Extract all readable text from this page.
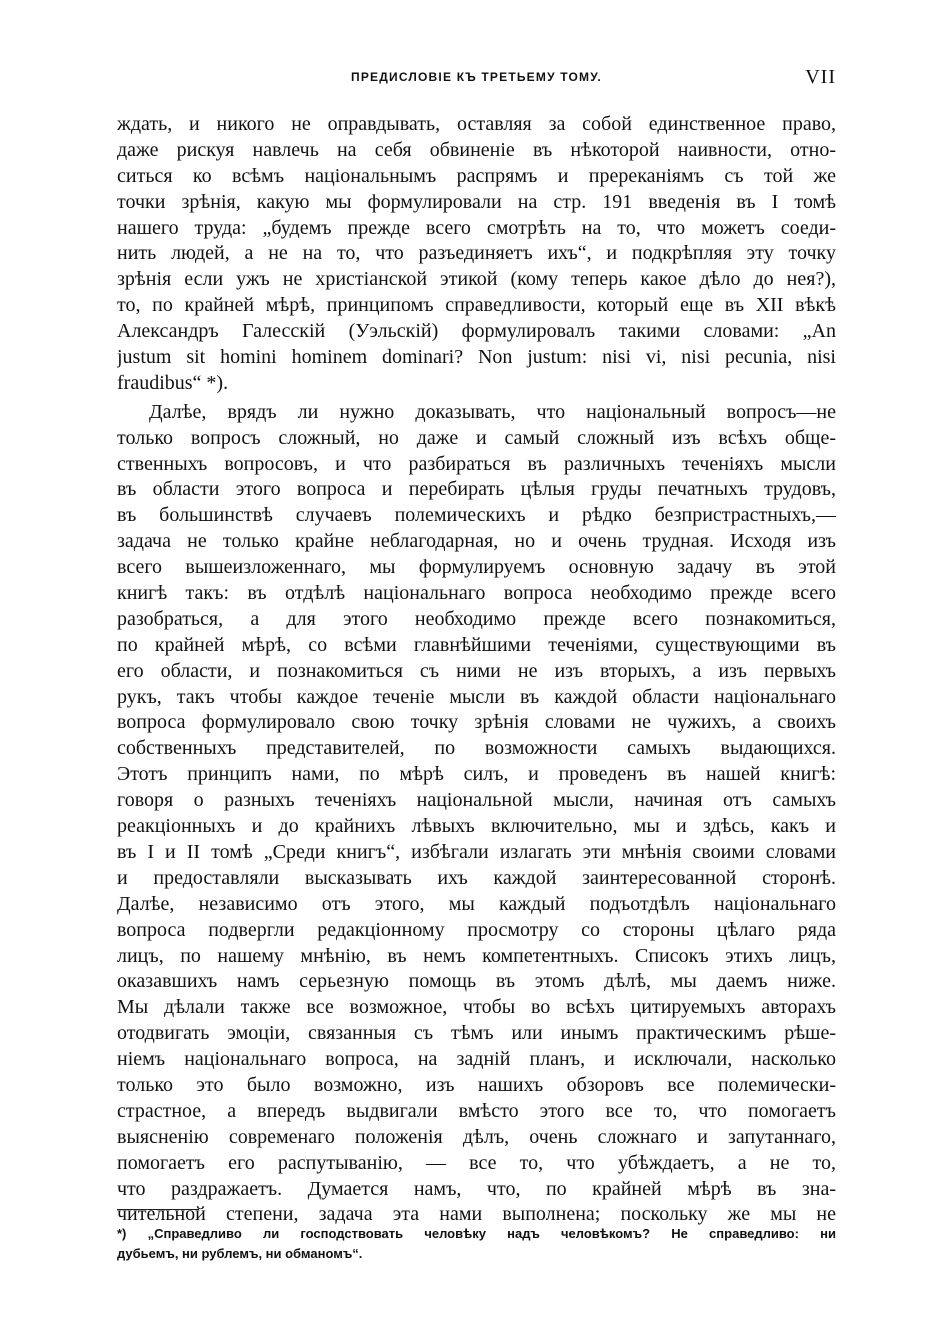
ПРЕДИСЛОВIЕ КЪ ТРЕТЬЕМУ ТОМУ.	VII
ждать, и никого не оправдывать, оставляя за собой единственное право,
даже рискуя навлечь на себя обвиненіе въ нѣкоторой наивности, отно-
ситься ко всѣмъ національнымъ распрямъ и пререканіямъ съ той же
точки зрѣнія, какую мы формулировали на стр. 191 введенія въ I томѣ
нашего труда: „будемъ прежде всего смотрѣть на то, что можетъ соеди-
нить людей, а не на то, что разъединяетъ ихъ“, и подкрѣпляя эту точку
зрѣнія если ужъ не христіанской этикой (кому теперь какое дѣло до нея?),
то, по крайней мѣрѣ, принципомъ справедливости, который еще въ XII вѣкѣ
Александръ Галесскій (Уэльскій) формулировалъ такими словами: „An
justum sit homini hominem dominari? Non justum: nisi vi, nisi pecunia, nisi
fraudibus“ *).
Далѣе, врядъ ли нужно доказывать, что національный вопросъ—не
только вопросъ сложный, но даже и самый сложный изъ всѣхъ обще-
ственныхъ вопросовъ, и что разбираться въ различныхъ теченіяхъ мысли
въ области этого вопроса и перебирать цѣлыя груды печатныхъ трудовъ,
въ большинствѣ случаевъ полемическихъ и рѣдко безпристрастныхъ,—
задача не только крайне неблагодарная, но и очень трудная. Исходя изъ
всего вышеизложеннаго, мы формулируемъ основную задачу въ этой
книгѣ такъ: въ отдѣлѣ національнаго вопроса необходимо прежде всего
разобраться, а для этого необходимо прежде всего познакомиться,
по крайней мѣрѣ, со всѣми главнѣйшими теченіями, существующими въ
его области, и познакомиться съ ними не изъ вторыхъ, а изъ первыхъ
рукъ, такъ чтобы каждое теченіе мысли въ каждой области національнаго
вопроса формулировало свою точку зрѣнія словами не чужихъ, а своихъ
собственныхъ представителей, по возможности самыхъ выдающихся.
Этотъ принципъ нами, по мѣрѣ силъ, и проведенъ въ нашей книгѣ:
говоря о разныхъ теченіяхъ національной мысли, начиная отъ самыхъ
реакціонныхъ и до крайнихъ лѣвыхъ включительно, мы и здѣсь, какъ и
въ I и II томѣ „Среди книгъ“, избѣгали излагать эти мнѣнія своими словами
и предоставляли высказывать ихъ каждой заинтересованной сторонѣ.
Далѣе, независимо отъ этого, мы каждый подъотдѣлъ національнаго
вопроса подвергли редакціонному просмотру со стороны цѣлаго ряда
лицъ, по нашему мнѣнію, въ немъ компетентныхъ. Списокъ этихъ лицъ,
оказавшихъ намъ серьезную помощь въ этомъ дѣлѣ, мы даемъ ниже.
Мы дѣлали также все возможное, чтобы во всѣхъ цитируемыхъ авторахъ
отодвигать эмоціи, связанныя съ тѣмъ или инымъ практическимъ рѣше-
ніемъ національнаго вопроса, на задній планъ, и исключали, насколько
только это было возможно, изъ нашихъ обзоровъ все полемически-
страстное, а впередъ выдвигали вмѣсто этого все то, что помогаетъ
выясненію современаго положенія дѣлъ, очень сложнаго и запутаннаго,
помогаетъ его распутыванію, — все то, что убѣждаетъ, а не то,
что раздражаетъ. Думается намъ, что, по крайней мѣрѣ въ зна-
чительной степени, задача эта нами выполнена; поскольку же мы не
*) „Справедливо ли господствовать человѣку надъ человѣкомъ? Не справедливо: ни
дубьемъ, ни рублемъ, ни обманомъ“.
